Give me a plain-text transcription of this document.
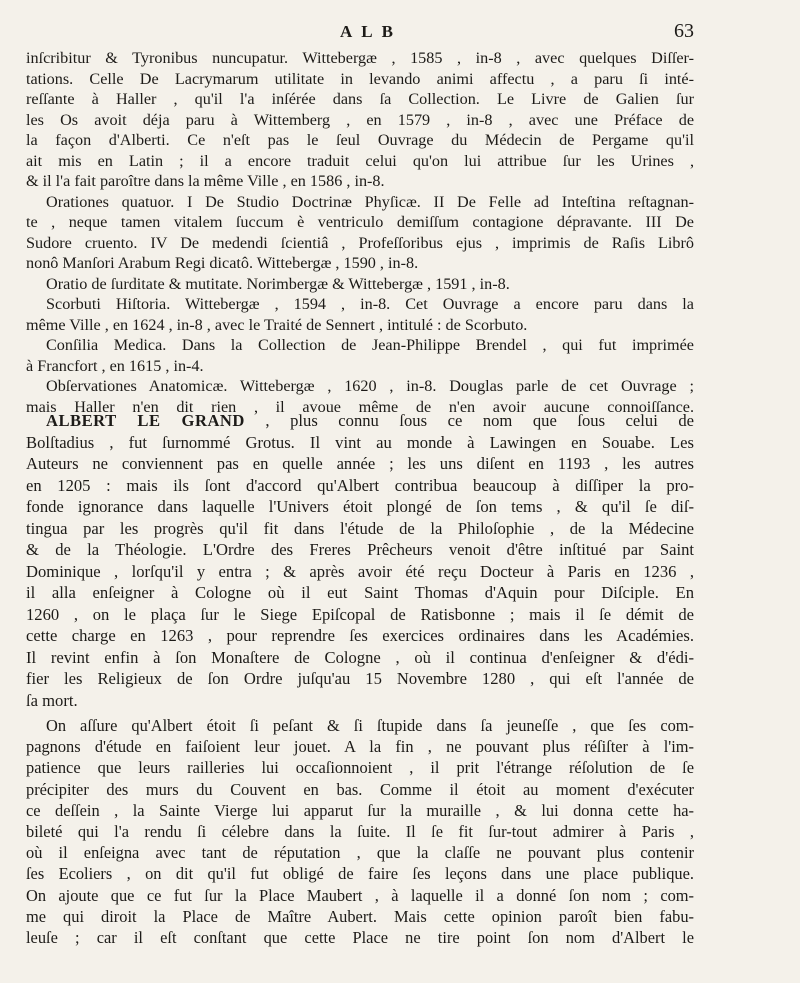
ALB	63
inſcribitur & Tyronibus nuncupatur. Wittebergæ , 1585 , in-8 , avec quelques Diſſer-
tations. Celle De Lacrymarum utilitate in levando animi affectu , a paru ſi inté-
reſſante à Haller , qu'il l'a inſérée dans ſa Collection. Le Livre de Galien ſur
les Os avoit déja paru à Wittemberg , en 1579 , in-8 , avec une Préface de
la façon d'Alberti. Ce n'eſt pas le ſeul Ouvrage du Médecin de Pergame qu'il
ait mis en Latin ; il a encore traduit celui qu'on lui attribue ſur les Urines ,
& il l'a fait paroître dans la même Ville , en 1586 , in-8.
Orationes quatuor. I De Studio Doctrinæ Phyſicæ. II De Felle ad Inteſtina reſtagnan-
te , neque tamen vitalem ſuccum è ventriculo demiſſum contagione dépravante. III De
Sudore cruento. IV De medendi ſcientiâ , Profeſſoribus ejus , imprimis de Raſis Librô
nonô Manſori Arabum Regi dicatô. Wittebergæ , 1590 , in-8.
Oratio de ſurditate & mutitate. Norimbergæ & Wittebergæ , 1591 , in-8.
Scorbuti Hiſtoria. Wittebergæ , 1594 , in-8. Cet Ouvrage a encore paru dans la
même Ville , en 1624 , in-8 , avec le Traité de Sennert , intitulé : de Scorbuto.
Conſilia Medica. Dans la Collection de Jean-Philippe Brendel , qui fut imprimée
à Francfort , en 1615 , in-4.
Obſervationes Anatomicæ. Wittebergæ , 1620 , in-8. Douglas parle de cet Ouvrage ;
mais Haller n'en dit rien , il avoue même de n'en avoir aucune connoiſſance.
ALBERT LE GRAND , plus connu ſous ce nom que ſous celui de
Bolſtadius , fut ſurnommé Grotus. Il vint au monde à Lawingen en Souabe. Les
Auteurs ne conviennent pas en quelle année ; les uns diſent en 1193 , les autres
en 1205 : mais ils ſont d'accord qu'Albert contribua beaucoup à diſſiper la pro-
fonde ignorance dans laquelle l'Univers étoit plongé de ſon tems , & qu'il ſe diſ-
tingua par les progrès qu'il fit dans l'étude de la Philoſophie , de la Médecine
& de la Théologie. L'Ordre des Freres Prêcheurs venoit d'être inſtitué par Saint
Dominique , lorſqu'il y entra ; & après avoir été reçu Docteur à Paris en 1236 ,
il alla enſeigner à Cologne où il eut Saint Thomas d'Aquin pour Diſciple. En
1260 , on le plaça ſur le Siege Epiſcopal de Ratisbonne ; mais il ſe démit de
cette charge en 1263 , pour reprendre ſes exercices ordinaires dans les Académies.
Il revint enfin à ſon Monaſtere de Cologne , où il continua d'enſeigner & d'édi-
fier les Religieux de ſon Ordre juſqu'au 15 Novembre 1280 , qui eſt l'année de
ſa mort.
On aſſure qu'Albert étoit ſi peſant & ſi ſtupide dans ſa jeuneſſe , que ſes com-
pagnons d'étude en faiſoient leur jouet. A la fin , ne pouvant plus réſiſter à l'im-
patience que leurs railleries lui occaſionnoient , il prit l'étrange réſolution de ſe
précipiter des murs du Couvent en bas. Comme il étoit au moment d'exécuter
ce deſſein , la Sainte Vierge lui apparut ſur la muraille , & lui donna cette ha-
bileté qui l'a rendu ſi célebre dans la ſuite. Il ſe fit ſur-tout admirer à Paris ,
où il enſeigna avec tant de réputation , que la claſſe ne pouvant plus contenir
ſes Ecoliers , on dit qu'il fut obligé de faire ſes leçons dans une place publique.
On ajoute que ce fut ſur la Place Maubert , à laquelle il a donné ſon nom ; com-
me qui diroit la Place de Maître Aubert. Mais cette opinion paroît bien fabu-
leuſe ; car il eſt conſtant que cette Place ne tire point ſon nom d'Albert le
